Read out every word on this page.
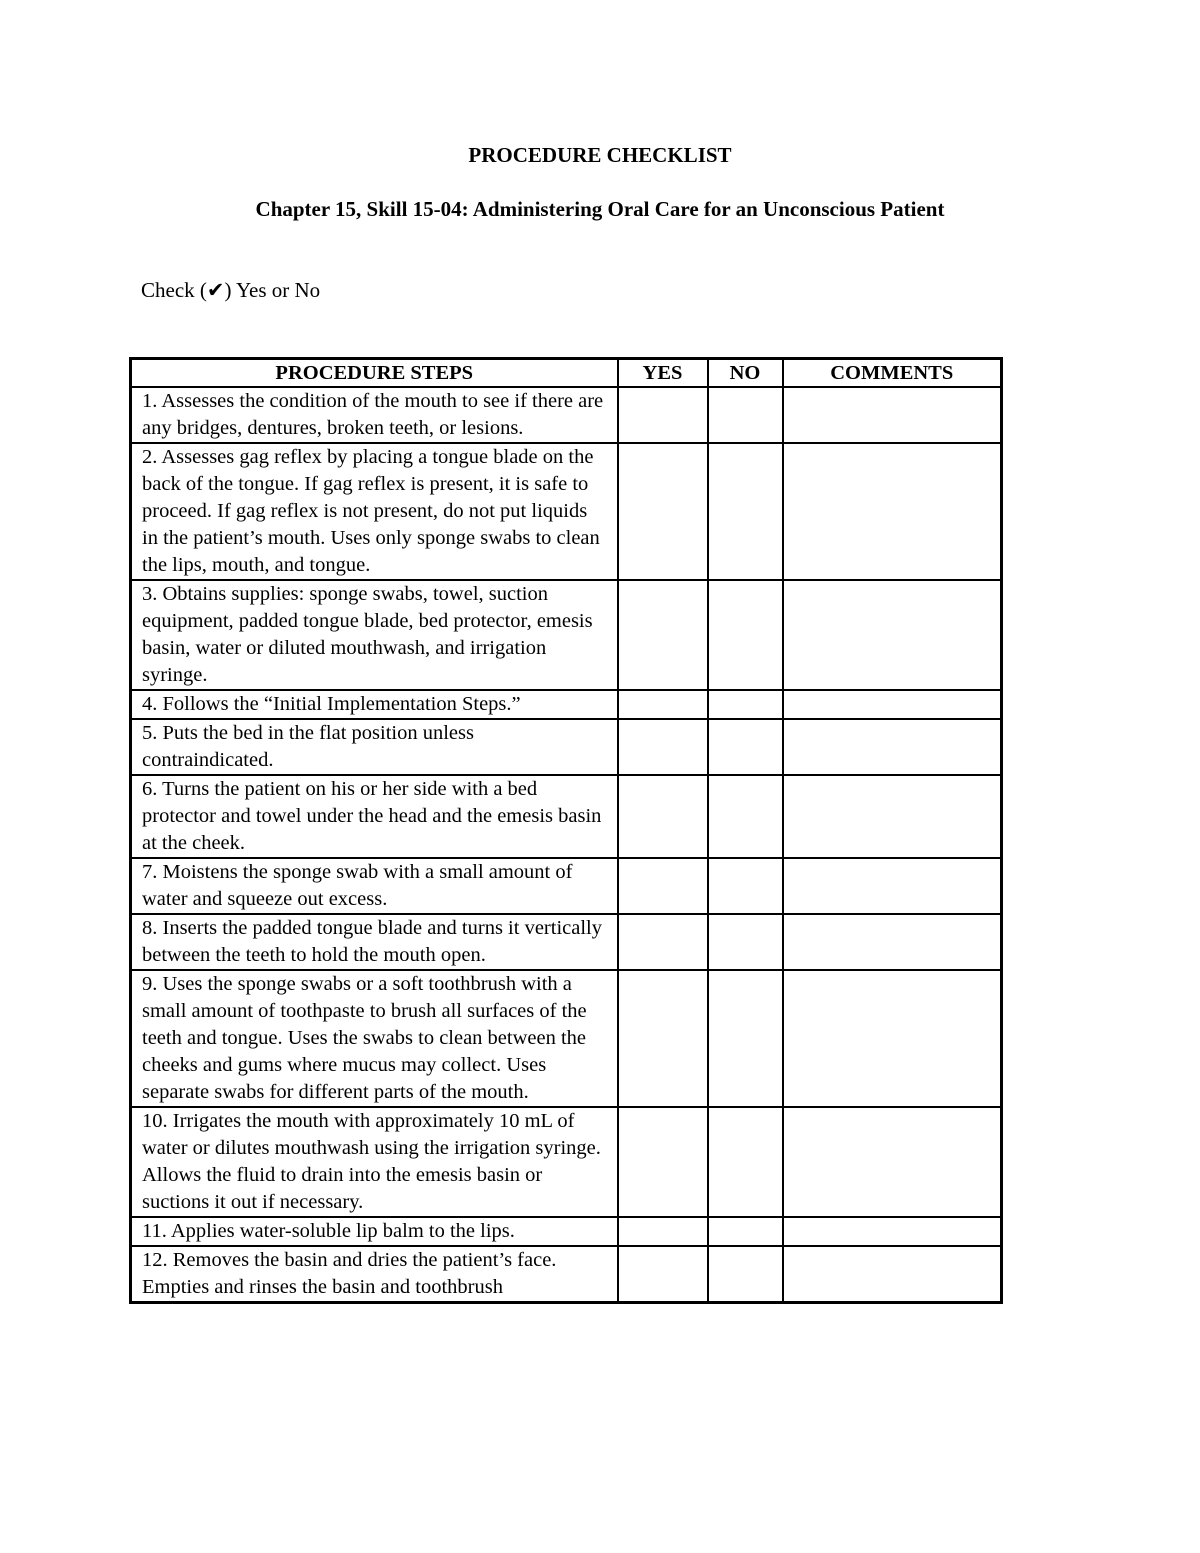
PROCEDURE CHECKLIST
Chapter 15, Skill 15-04: Administering Oral Care for an Unconscious Patient
Check (✔) Yes or No
PROCEDURE STEPS	YES	NO	COMMENTS
1. Assesses the condition of the mouth to see if there are any bridges, dentures, broken teeth, or lesions.			
2. Assesses gag reflex by placing a tongue blade on the back of the tongue. If gag reflex is present, it is safe to proceed. If gag reflex is not present, do not put liquids in the patient’s mouth. Uses only sponge swabs to clean the lips, mouth, and tongue.			
3. Obtains supplies: sponge swabs, towel, suction equipment, padded tongue blade, bed protector, emesis basin, water or diluted mouthwash, and irrigation syringe.			
4. Follows the “Initial Implementation Steps.”			
5. Puts the bed in the flat position unless contraindicated.			
6. Turns the patient on his or her side with a bed protector and towel under the head and the emesis basin at the cheek.			
7. Moistens the sponge swab with a small amount of water and squeeze out excess.			
8. Inserts the padded tongue blade and turns it vertically between the teeth to hold the mouth open.			
9. Uses the sponge swabs or a soft toothbrush with a small amount of toothpaste to brush all surfaces of the teeth and tongue. Uses the swabs to clean between the cheeks and gums where mucus may collect. Uses separate swabs for different parts of the mouth.			
10. Irrigates the mouth with approximately 10 mL of water or dilutes mouthwash using the irrigation syringe. Allows the fluid to drain into the emesis basin or suctions it out if necessary.			
11. Applies water-soluble lip balm to the lips.			
12. Removes the basin and dries the patient’s face. Empties and rinses the basin and toothbrush			
